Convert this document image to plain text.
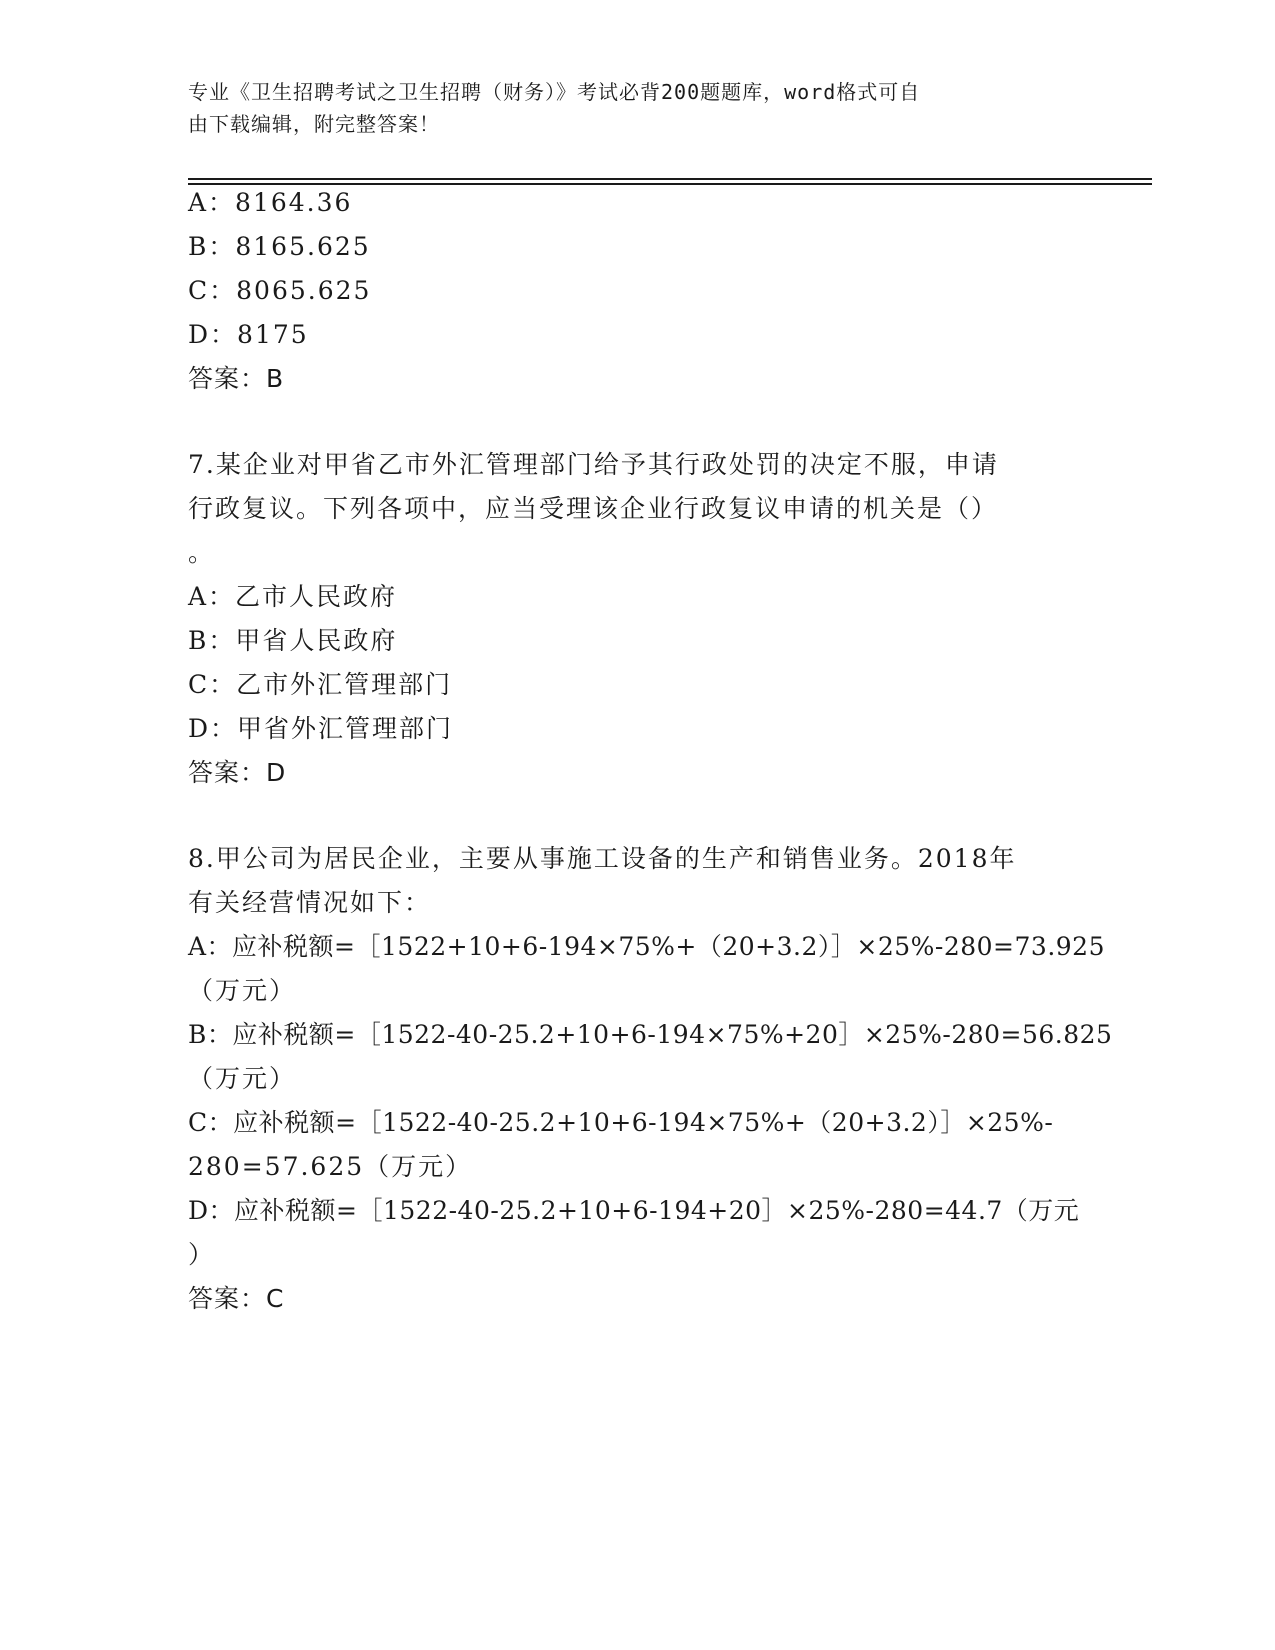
专业《卫生招聘考试之卫生招聘（财务）》考试必背200题题库，word格式可自
由下载编辑，附完整答案！
A：8164.36
B：8165.625
C：8065.625
D：8175
答案：B
7.某企业对甲省乙市外汇管理部门给予其行政处罚的决定不服，申请
行政复议。下列各项中，应当受理该企业行政复议申请的机关是（）
。
A：乙市人民政府
B：甲省人民政府
C：乙市外汇管理部门
D：甲省外汇管理部门
答案：D
8.甲公司为居民企业，主要从事施工设备的生产和销售业务。2018年
有关经营情况如下：
A：应补税额=［1522+10+6-194×75%+（20+3.2）］×25%-280=73.925
（万元）
B：应补税额=［1522-40-25.2+10+6-194×75%+20］×25%-280=56.825
（万元）
C：应补税额=［1522-40-25.2+10+6-194×75%+（20+3.2）］×25%-
280=57.625（万元）
D：应补税额=［1522-40-25.2+10+6-194+20］×25%-280=44.7（万元
）
答案：C
